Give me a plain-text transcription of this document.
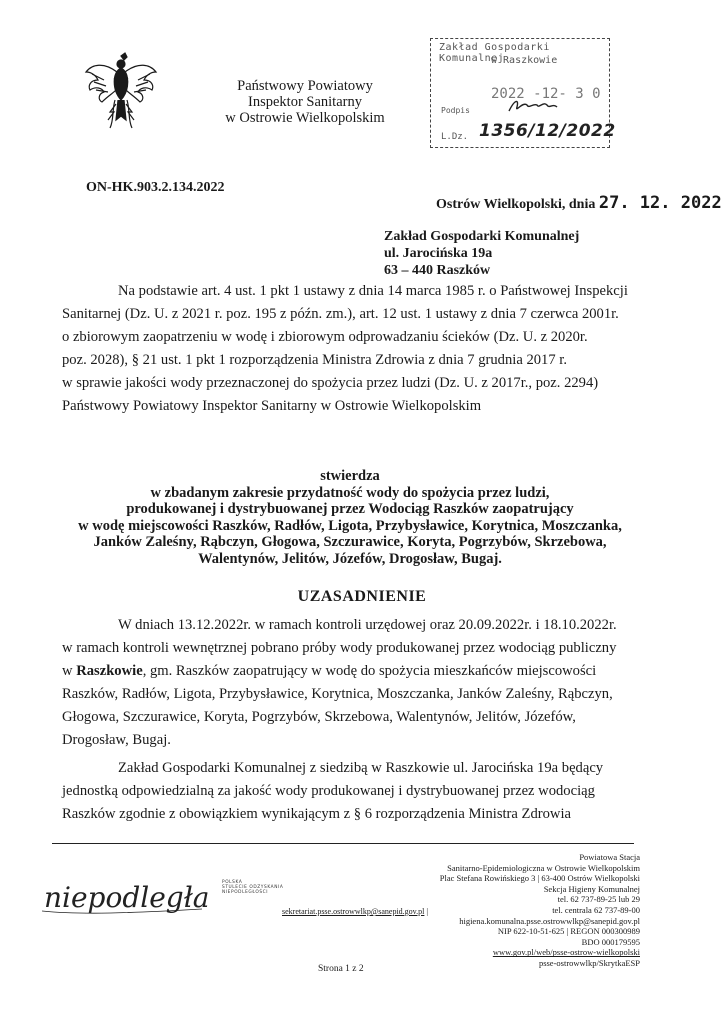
Państwowy Powiatowy
Inspektor Sanitarny
w Ostrowie Wielkopolskim
Zakład Gospodarki Komunalnej
w Raszkowie
2022 -12- 3 0
Podpis
L.Dz. 1356/12/2022
ON-HK.903.2.134.2022
Ostrów Wielkopolski, dnia 27. 12. 2022
Zakład Gospodarki Komunalnej
ul. Jarocińska 19a
63 – 440 Raszków

Na podstawie art. 4 ust. 1 pkt 1 ustawy z dnia 14 marca 1985 r. o Państwowej Inspekcji

Sanitarnej (Dz. U. z 2021 r. poz. 195 z późn. zm.), art. 12 ust. 1 ustawy z dnia 7 czerwca 2001r.

o zbiorowym zaopatrzeniu w wodę i zbiorowym odprowadzaniu ścieków (Dz. U. z 2020r.

poz. 2028), § 21 ust. 1 pkt 1 rozporządzenia Ministra Zdrowia z dnia 7 grudnia 2017 r.

w sprawie jakości wody przeznaczonej do spożycia przez ludzi (Dz. U. z 2017r., poz. 2294)

Państwowy Powiatowy Inspektor Sanitarny w Ostrowie Wielkopolskim

stwierdza
w zbadanym zakresie przydatność wody do spożycia przez ludzi,
produkowanej i dystrybuowanej przez Wodociąg Raszków zaopatrujący
w wodę miejscowości Raszków, Radłów, Ligota, Przybysławice, Korytnica, Moszczanka,
Janków Zaleśny, Rąbczyn, Głogowa, Szczurawice, Koryta, Pogrzybów, Skrzebowa,
Walentynów, Jelitów, Józefów, Drogosław, Bugaj.
UZASADNIENIE

W dniach 13.12.2022r. w ramach kontroli urzędowej oraz 20.09.2022r. i 18.10.2022r.

w ramach kontroli wewnętrznej pobrano próby wody produkowanej przez wodociąg publiczny

w Raszkowie, gm. Raszków zaopatrujący w wodę do spożycia mieszkańców miejscowości

Raszków, Radłów, Ligota, Przybysławice, Korytnica, Moszczanka, Janków Zaleśny, Rąbczyn,

Głogowa, Szczurawice, Koryta, Pogrzybów, Skrzebowa, Walentynów, Jelitów, Józefów,

Drogosław, Bugaj.

Zakład Gospodarki Komunalnej z siedzibą w Raszkowie ul. Jarocińska 19a będący

jednostką odpowiedzialną za jakość wody produkowanej i dystrybuowanej przez wodociąg

Raszków zgodnie z obowiązkiem wynikającym z § 6 rozporządzenia Ministra Zdrowia

niepodległa	POLSKA
STULECIE ODZYSKANIA
NIEPODLEGŁOŚCI
Powiatowa Stacja
Sanitarno-Epidemiologiczna w Ostrowie Wielkopolskim
Plac Stefana Rowińskiego 3 | 63-400 Ostrów Wielkopolski
Sekcja Higieny Komunalnej
tel. 62 737-89-25 lub 29
tel. centrala 62 737-89-00
higiena.komunalna.psse.ostrowwlkp@sanepid.gov.pl
NIP 622-10-51-625 | REGON 000300989
BDO 000179595
www.gov.pl/web/psse-ostrow-wielkopolski
psse-ostrowwlkp/SkrytkaESP
sekretariat.psse.ostrowwlkp@sanepid.gov.pl |
Strona 1 z 2
